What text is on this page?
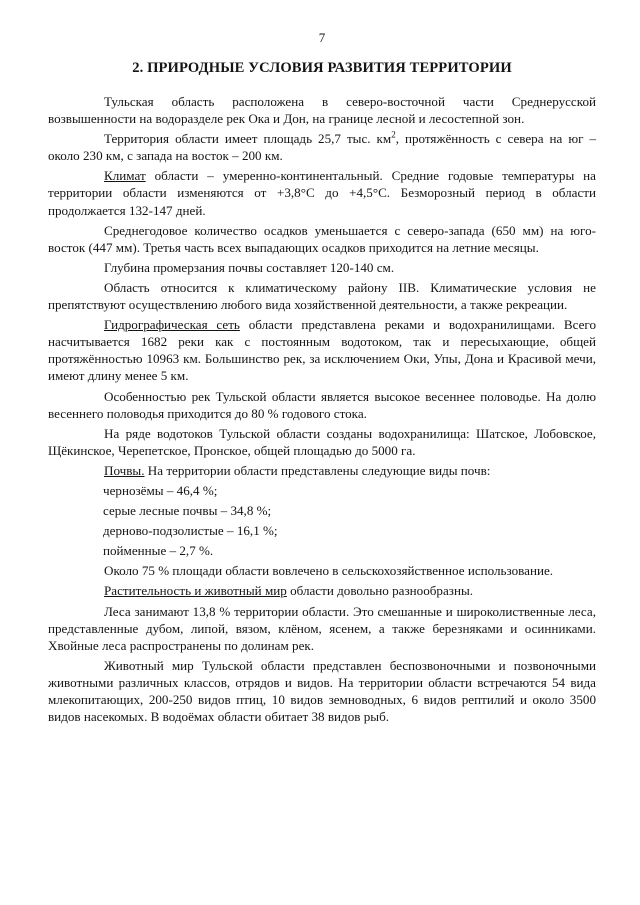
7
2. ПРИРОДНЫЕ УСЛОВИЯ РАЗВИТИЯ ТЕРРИТОРИИ

Тульская область расположена в северо-восточной части Среднерусской возвышенности на водоразделе рек Ока и Дон, на границе лесной и лесостепной зон.

Территория области имеет площадь 25,7 тыс. $км^2$, протяжённость с севера на юг – около 230 км, с запада на восток – 200 км.

Климат области – умеренно-континентальный. Средние годовые температуры на территории области изменяются от +3,8°С до +4,5°С. Безморозный период в области продолжается 132-147 дней.

Среднегодовое количество осадков уменьшается с северо-запада (650 мм) на юго-восток (447 мм). Третья часть всех выпадающих осадков приходится на летние месяцы.

Глубина промерзания почвы составляет 120-140 см.

Область относится к климатическому району IIВ. Климатические условия не препятствуют осуществлению любого вида хозяйственной деятельности, а также рекреации.

Гидрографическая сеть области представлена реками и водохранилищами. Всего насчитывается 1682 реки как с постоянным водотоком, так и пересыхающие, общей протяжённостью 10963 км. Большинство рек, за исключением Оки, Упы, Дона и Красивой мечи, имеют длину менее 5 км.

Особенностью рек Тульской области является высокое весеннее половодье. На долю весеннего половодья приходится до 80 % годового стока.

На ряде водотоков Тульской области созданы водохранилища: Шатское, Лобовское, Щёкинское, Черепетское, Пронское, общей площадью до 5000 га.

Почвы. На территории области представлены следующие виды почв:

чернозёмы – 46,4 %;
серые лесные почвы – 34,8 %;
дерново-подзолистые – 16,1 %;
пойменные – 2,7 %.

Около 75 % площади области вовлечено в сельскохозяйственное использование.

Растительность и животный мир области довольно разнообразны.

Леса занимают 13,8 % территории области. Это смешанные и широколиственные леса, представленные дубом, липой, вязом, клёном, ясенем, а также березняками и осинниками. Хвойные леса распространены по долинам рек.

Животный мир Тульской области представлен беспозвоночными и позвоночными животными различных классов, отрядов и видов. На территории области встречаются 54 вида млекопитающих, 200-250 видов птиц, 10 видов земноводных, 6 видов рептилий и около 3500 видов насекомых. В водоёмах области обитает 38 видов рыб.
